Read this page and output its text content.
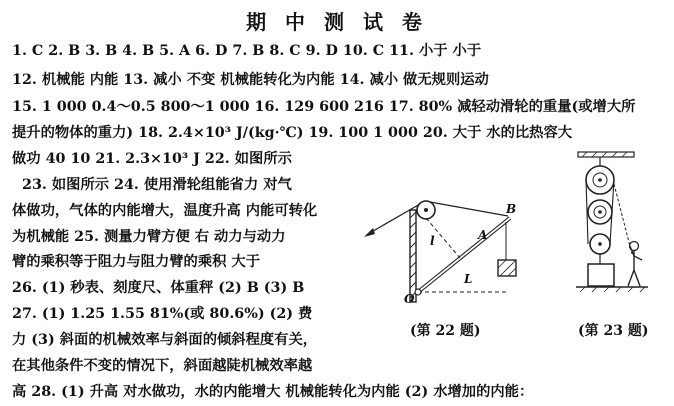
期 中 测 试 卷
1. C 2. B 3. B 4. B 5. A 6. D 7. B 8. C 9. D 10. C 11. 小于 小于
12. 机械能 内能 13. 减小 不变 机械能转化为内能 14. 减小 做无规则运动
15. 1 000 0.4～0.5 800～1 000 16. 129 600 216 17. 80% 减轻动滑轮的重量(或增大所
提升的物体的重力) 18. 2.4×10³ J/(kg·℃) 19. 100 1 000 20. 大于 水的比热容大
做功 40 10 21. 2.3×10³ J 22. 如图所示
23. 如图所示 24. 使用滑轮组能省力 对气
体做功，气体的内能增大，温度升高 内能可转化
为机械能 25. 测量力臂方便 右 动力与动力
臂的乘积等于阻力与阻力臂的乘积 大于
26. (1) 秒表、刻度尺、体重秤 (2) B (3) B
27. (1) 1.25 1.55 81%(或 80.6%) (2) 费
力 (3) 斜面的机械效率与斜面的倾斜程度有关，
在其他条件不变的情况下，斜面越陡机械效率越
高 28. (1) 升高 对水做功，水的内能增大 机械能转化为内能 (2) 水增加的内能：
B
A
O
l
L
(第 22 题)	(第 23 题)
